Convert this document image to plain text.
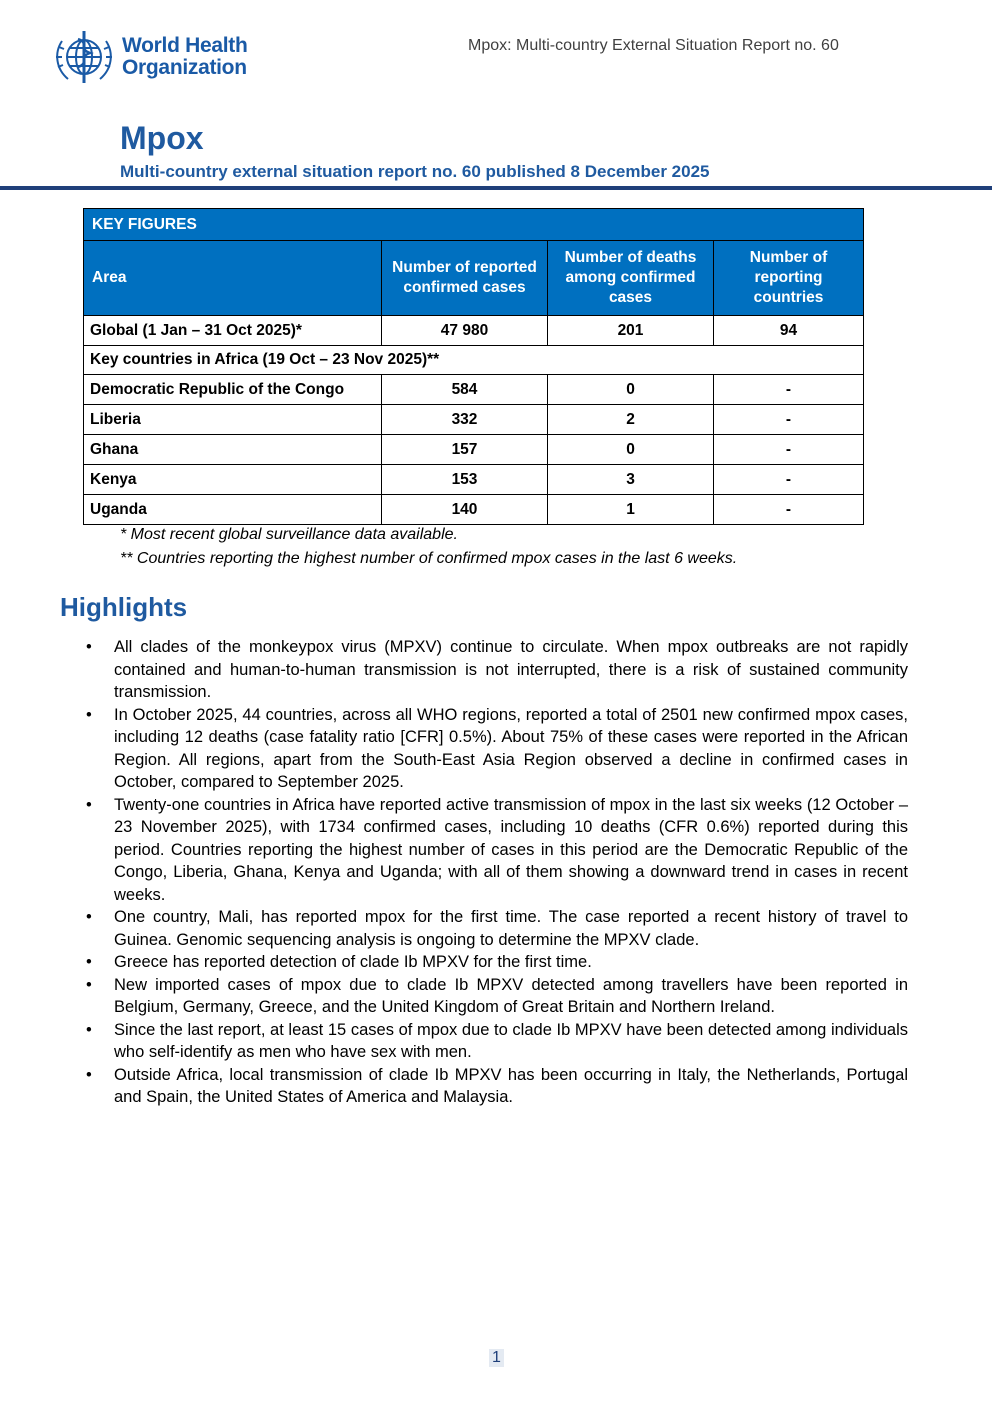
World Health
Organization
Mpox: Multi-country External Situation Report no. 60
Mpox
Multi-country external situation report no. 60 published 8 December 2025
KEY FIGURES			
Area	Number of reported confirmed cases	Number of deaths among confirmed cases	Number of reporting countries
Global (1 Jan – 31 Oct 2025)*	47 980	201	94
Key countries in Africa (19 Oct – 23 Nov 2025)**			
Democratic Republic of the Congo	584	0	-
Liberia	332	2	-
Ghana	157	0	-
Kenya	153	3	-
Uganda	140	1	-
* Most recent global surveillance data available.
** Countries reporting the highest number of confirmed mpox cases in the last 6 weeks.
Highlights
• All clades of the monkeypox virus (MPXV) continue to circulate. When mpox outbreaks are not rapidly contained and human-to-human transmission is not interrupted, there is a risk of sustained community transmission.
• In October 2025, 44 countries, across all WHO regions, reported a total of 2501 new confirmed mpox cases, including 12 deaths (case fatality ratio [CFR] 0.5%). About 75% of these cases were reported in the African Region. All regions, apart from the South-East Asia Region observed a decline in confirmed cases in October, compared to September 2025.
• Twenty-one countries in Africa have reported active transmission of mpox in the last six weeks (12 October – 23 November 2025), with 1734 confirmed cases, including 10 deaths (CFR 0.6%) reported during this period. Countries reporting the highest number of cases in this period are the Democratic Republic of the Congo, Liberia, Ghana, Kenya and Uganda; with all of them showing a downward trend in cases in recent weeks.
• One country, Mali, has reported mpox for the first time. The case reported a recent history of travel to Guinea. Genomic sequencing analysis is ongoing to determine the MPXV clade.
• Greece has reported detection of clade Ib MPXV for the first time.
• New imported cases of mpox due to clade Ib MPXV detected among travellers have been reported in Belgium, Germany, Greece, and the United Kingdom of Great Britain and Northern Ireland.
• Since the last report, at least 15 cases of mpox due to clade Ib MPXV have been detected among individuals who self-identify as men who have sex with men.
• Outside Africa, local transmission of clade Ib MPXV has been occurring in Italy, the Netherlands, Portugal and Spain, the United States of America and Malaysia.
1
